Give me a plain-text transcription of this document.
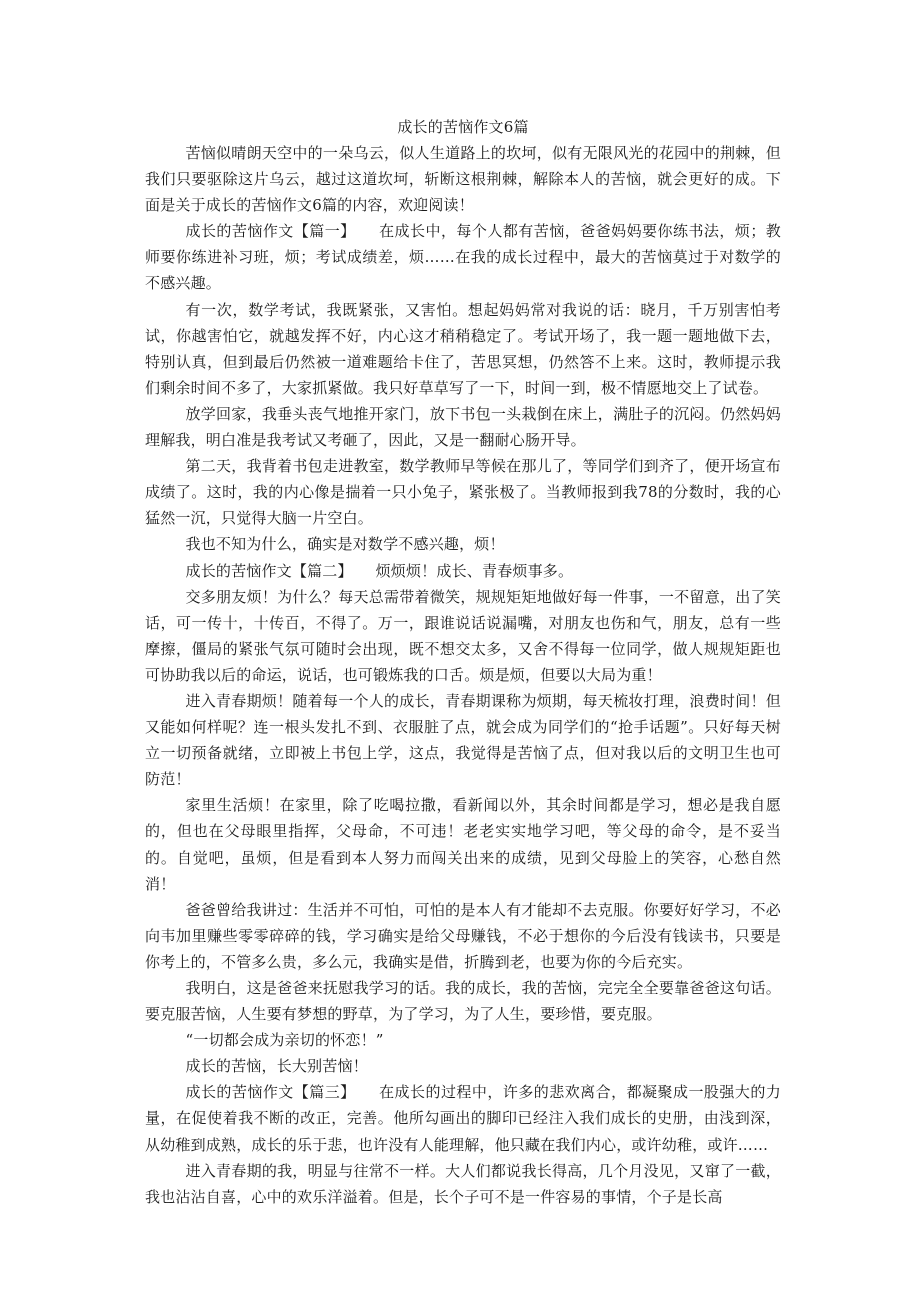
成长的苦恼作文6篇

苦恼似晴朗天空中的一朵乌云，似人生道路上的坎坷，似有无限风光的花园中的荆棘，但我们只要驱除这片乌云，越过这道坎坷，斩断这根荆棘，解除本人的苦恼，就会更好的成。下面是关于成长的苦恼作文6篇的内容，欢迎阅读！

成长的苦恼作文【篇一】　　在成长中，每个人都有苦恼，爸爸妈妈要你练书法，烦；教师要你练进补习班，烦；考试成绩差，烦……在我的成长过程中，最大的苦恼莫过于对数学的不感兴趣。

有一次，数学考试，我既紧张，又害怕。想起妈妈常对我说的话：晓月，千万别害怕考试，你越害怕它，就越发挥不好，内心这才稍稍稳定了。考试开场了，我一题一题地做下去，特别认真，但到最后仍然被一道难题给卡住了，苦思冥想，仍然答不上来。这时，教师提示我们剩余时间不多了，大家抓紧做。我只好草草写了一下，时间一到，极不情愿地交上了试卷。

放学回家，我垂头丧气地推开家门，放下书包一头栽倒在床上，满肚子的沉闷。仍然妈妈理解我，明白准是我考试又考砸了，因此，又是一翻耐心肠开导。

第二天，我背着书包走进教室，数学教师早等候在那儿了，等同学们到齐了，便开场宣布成绩了。这时，我的内心像是揣着一只小兔子，紧张极了。当教师报到我78的分数时，我的心猛然一沉，只觉得大脑一片空白。

我也不知为什么，确实是对数学不感兴趣，烦！

成长的苦恼作文【篇二】　　烦烦烦！成长、青春烦事多。

交多朋友烦！为什么？每天总需带着微笑，规规矩矩地做好每一件事，一不留意，出了笑话，可一传十，十传百，不得了。万一，跟谁说话说漏嘴，对朋友也伤和气，朋友，总有一些摩擦，僵局的紧张气氛可随时会出现，既不想交太多，又舍不得每一位同学，做人规规矩距也可协助我以后的命运，说话，也可锻炼我的口舌。烦是烦，但要以大局为重！

进入青春期烦！随着每一个人的成长，青春期课称为烦期，每天梳妆打理，浪费时间！但又能如何样呢？连一根头发扎不到、衣服脏了点，就会成为同学们的“抢手话题”。只好每天树立一切预备就绪，立即被上书包上学，这点，我觉得是苦恼了点，但对我以后的文明卫生也可防范！

家里生活烦！在家里，除了吃喝拉撒，看新闻以外，其余时间都是学习，想必是我自愿的，但也在父母眼里指挥，父母命，不可违！老老实实地学习吧，等父母的命令，是不妥当的。自觉吧，虽烦，但是看到本人努力而闯关出来的成绩，见到父母脸上的笑容，心愁自然消！

爸爸曾给我讲过：生活并不可怕，可怕的是本人有才能却不去克服。你要好好学习，不必向韦加里赚些零零碎碎的钱，学习确实是给父母赚钱，不必于想你的今后没有钱读书，只要是你考上的，不管多么贵，多么元，我确实是借，折腾到老，也要为你的今后充实。

我明白，这是爸爸来抚慰我学习的话。我的成长，我的苦恼，完完全全要靠爸爸这句话。要克服苦恼，人生要有梦想的野草，为了学习，为了人生，要珍惜，要克服。

“一切都会成为亲切的怀恋！”

成长的苦恼，长大别苦恼！

成长的苦恼作文【篇三】　　在成长的过程中，许多的悲欢离合，都凝聚成一股强大的力量，在促使着我不断的改正，完善。他所勾画出的脚印已经注入我们成长的史册，由浅到深，从幼稚到成熟，成长的乐于悲，也许没有人能理解，他只藏在我们内心，或许幼稚，或许……

进入青春期的我，明显与往常不一样。大人们都说我长得高，几个月没见，又窜了一截，我也沾沾自喜，心中的欢乐洋溢着。但是，长个子可不是一件容易的事情，个子是长高
